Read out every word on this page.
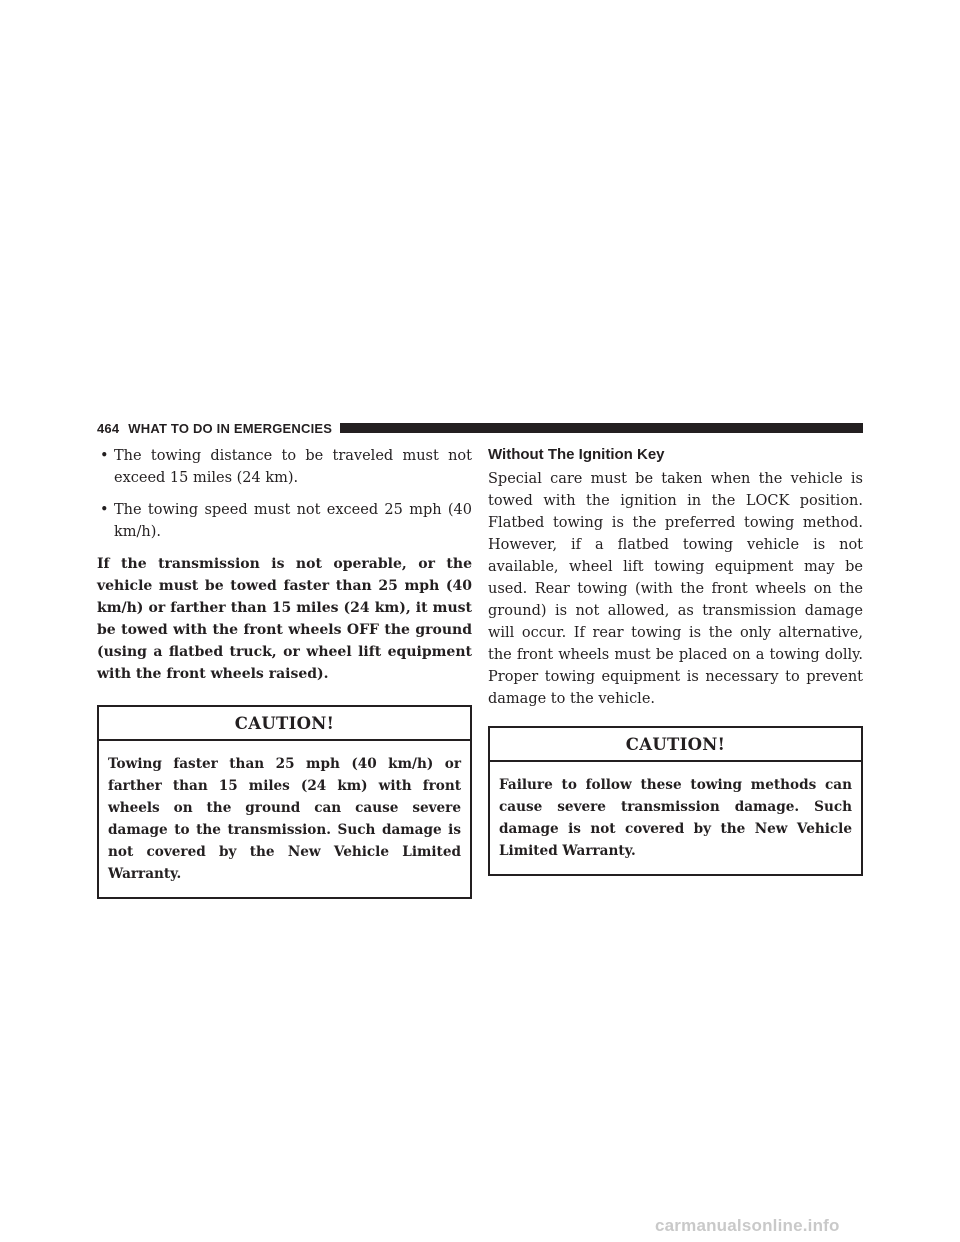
464 WHAT TO DO IN EMERGENCIES
• The towing distance to be traveled must not exceed 15 miles (24 km).
• The towing speed must not exceed 25 mph (40 km/h).

If the transmission is not operable, or the vehicle must be towed faster than 25 mph (40 km/h) or farther than 15 miles (24 km), it must be towed with the front wheels OFF the ground (using a flatbed truck, or wheel lift equipment with the front wheels raised).

CAUTION!
Towing faster than 25 mph (40 km/h) or farther than 15 miles (24 km) with front wheels on the ground can cause severe damage to the transmission. Such damage is not covered by the New Vehicle Limited Warranty.
Without The Ignition Key

Special care must be taken when the vehicle is towed with the ignition in the LOCK position. Flatbed towing is the preferred towing method. However, if a flatbed towing vehicle is not available, wheel lift towing equipment may be used. Rear towing (with the front wheels on the ground) is not allowed, as transmission damage will occur. If rear towing is the only alternative, the front wheels must be placed on a towing dolly. Proper towing equipment is necessary to prevent damage to the vehicle.

CAUTION!
Failure to follow these towing methods can cause severe transmission damage. Such damage is not covered by the New Vehicle Limited Warranty.
carmanualsonline.info
